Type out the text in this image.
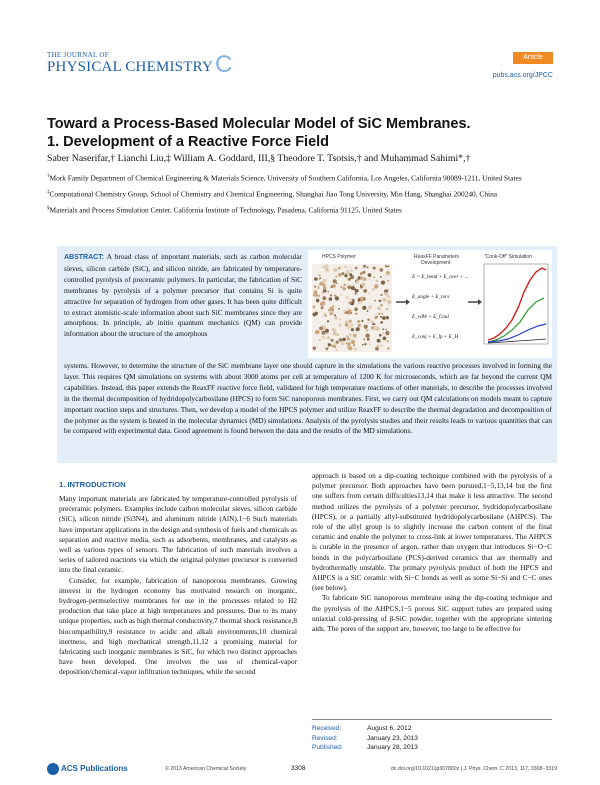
THE JOURNAL OF
PHYSICAL CHEMISTRY C	Article
pubs.acs.org/JPCC
Toward a Process-Based Molecular Model of SiC Membranes.
1. Development of a Reactive Force Field
Saber Naserifar,† Lianchi Liu,‡ William A. Goddard, III,§ Theodore T. Tsotsis,† and Muhammad Sahimi*,†

†Mork Family Department of Chemical Engineering & Materials Science, University of Southern California, Los Angeles, California 90089-1211, United States

‡Computational Chemistry Group, School of Chemistry and Chemical Engineering, Shanghai Jiao Tong University, Min Hang, Shanghai 200240, China

§Materials and Process Simulation Center, California Institute of Technology, Pasadena, California 91125, United States

ABSTRACT: A broad class of important materials, such as carbon molecular sieves, silicon carbide (SiC), and silicon nitride, are fabricated by temperature-controlled pyrolysis of preceramic polymers. In particular, the fabrication of SiC membranes by pyrolysis of a polymer precursor that contains Si is quite attractive for separation of hydrogen from other gases. It has been quite difficult to extract atomistic-scale information about such SiC membranes since they are amorphous. In principle, ab initio quantum mechanics (QM) can provide information about the structure of the amorphous
HPCS Polymer	ReaxFF Parameters
Development
“Cook-Off” Simulation
E = E_bond + E_over + ...
E_angle + E_tors
E_vdW + E_Coul
E_conj + E_lp + E_H
systems. However, to determine the structure of the SiC membrane layer one should capture in the simulations the various reactive processes involved in forming the layer. This requires QM simulations on systems with about 3000 atoms per cell at temperature of 1200 K for microseconds, which are far beyond the current QM capabilities. Instead, this paper extends the ReaxFF reactive force field, validated for high temperature reactions of other materials, to describe the processes involved in the thermal decomposition of hydridopolycarbosilane (HPCS) to form SiC nanoporous membranes. First, we carry out QM calculations on models meant to capture important reaction steps and structures. Then, we develop a model of the HPCS polymer and utilize ReaxFF to describe the thermal degradation and decomposition of the polymer as the system is heated in the molecular dynamics (MD) simulations. Analysis of the pyrolysis studies and their results leads to various quantities that can be compared with experimental data. Good agreement is found between the data and the results of the MD simulations.
1. INTRODUCTION

Many important materials are fabricated by temperature-controlled pyrolysis of preceramic polymers. Examples include carbon molecular sieves, silicon carbide (SiC), silicon nitride (Si3N4), and aluminum nitride (AlN).1−6 Such materials have important applications in the design and synthesis of fuels and chemicals as separation and reactive media, such as adsorbents, membranes, and catalysts as well as various types of sensors. The fabrication of such materials involves a series of tailored reactions via which the original polymer precursor is converted into the final ceramic.

Consider, for example, fabrication of nanoporous membranes. Growing interest in the hydrogen economy has motivated research on inorganic, hydrogen-permselective membranes for use in the processes related to H2 production that take place at high temperatures and pressures. Due to its many unique properties, such as high thermal conductivity,7 thermal shock resistance,8 biocompatibility,9 resistance to acidic and alkali environments,10 chemical inertness, and high mechanical strength,11,12 a promising material for fabricating such inorganic membranes is SiC, for which two distinct approaches have been developed. One involves the use of chemical-vapor deposition/chemical-vapor infiltration techniques, while the second

approach is based on a dip-coating technique combined with the pyrolysis of a polymer precursor. Both approaches have been pursued,1−5,13,14 but the first one suffers from certain difficulties13,14 that make it less attractive. The second method utilizes the pyrolysis of a polymer precursor, hydridopolycarbosilane (HPCS), or a partially allyl-substituted hydridopolycarbosilane (AHPCS). The role of the allyl group is to slightly increase the carbon content of the final ceramic and enable the polymer to cross-link at lower temperatures. The AHPCS is curable in the presence of argon, rather than oxygen that introduces Si−O−C bonds in the polycarbosilane (PCS)-derived ceramics that are thermally and hydrothermally unstable. The primary pyrolysis product of both the HPCS and AHPCS is a SiC ceramic with Si−C bonds as well as some Si−Si and C−C ones (see below).

To fabricate SiC nanoporous membrane using the dip-coating technique and the pyrolysis of the AHPCS,1−5 porous SiC support tubes are prepared using uniaxial cold-pressing of β-SiC powder, together with the appropriate sintering aids. The pores of the support are, however, too large to be effective for

Received:	August 6, 2012
Revised:	January 23, 2013
Published:	January 28, 2013
ACS Publications	© 2013 American Chemical Society	3308	dx.doi.org/10.1021/jp307800z | J. Phys. Chem. C 2013, 117, 3308−3319
